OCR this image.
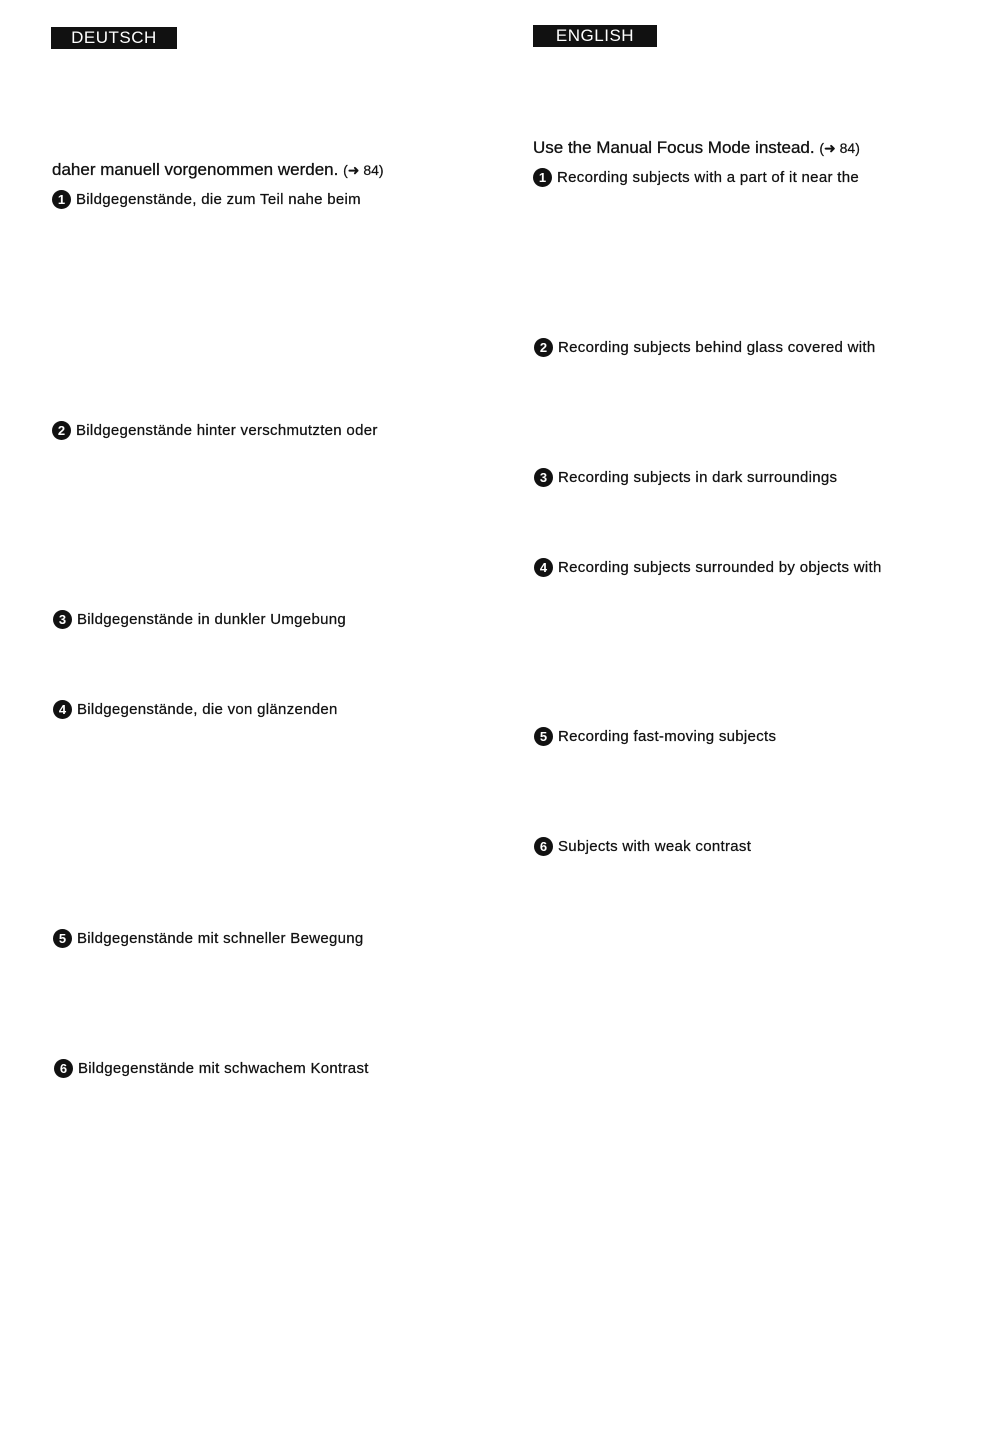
DEUTSCH	ENGLISH
daher manuell vorgenommen werden. (➜ 84)
1 Bildgegenstände, die zum Teil nahe beim
2 Bildgegenstände hinter verschmutzten oder
3 Bildgegenstände in dunkler Umgebung
4 Bildgegenstände, die von glänzenden
5 Bildgegenstände mit schneller Bewegung
6 Bildgegenstände mit schwachem Kontrast
Use the Manual Focus Mode instead. (➜ 84)
1 Recording subjects with a part of it near the
2 Recording subjects behind glass covered with
3 Recording subjects in dark surroundings
4 Recording subjects surrounded by objects with
5 Recording fast-moving subjects
6 Subjects with weak contrast
